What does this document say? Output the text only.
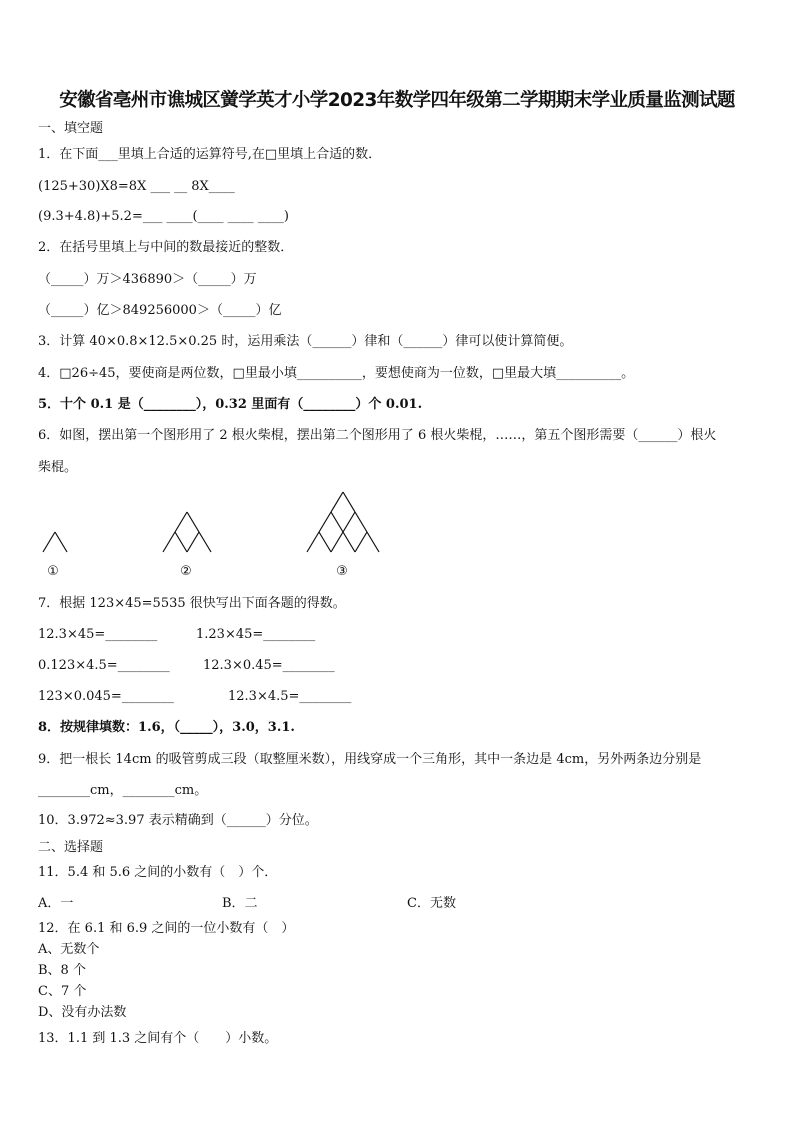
安徽省亳州市谯城区黉学英才小学2023年数学四年级第二学期期末学业质量监测试题
一、填空题
1．在下面___里填上合适的运算符号,在□里填上合适的数．
(125+30)X8=8X ___ __ 8X____
(9.3+4.8)+5.2=___ ____(____ ____ ____)
2．在括号里填上与中间的数最接近的整数．
（_____）万＞436890＞（_____）万
（_____）亿＞849256000＞（_____）亿
3．计算 40×0.8×12.5×0.25 时，运用乘法（______）律和（______）律可以使计算简便。
4．□26÷45，要使商是两位数，□里最小填__________，要想使商为一位数，□里最大填__________。
5．十个 0.1 是（________），0.32 里面有（________）个 0.01.
6．如图，摆出第一个图形用了 2 根火柴棍，摆出第二个图形用了 6 根火柴棍，……，第五个图形需要（______）根火
柴棍。
①	②	③
7．根据 123×45=5535 很快写出下面各题的得数。
12.3×45=________	1.23×45=________
0.123×4.5=________	12.3×0.45=________
123×0.045=________	12.3×4.5=________
8．按规律填数：1.6，（_____），3.0，3.1.
9．把一根长 14cm 的吸管剪成三段（取整厘米数），用线穿成一个三角形，其中一条边是 4cm，另外两条边分别是
________cm，________cm。
10．3.972≈3.97 表示精确到（______）分位。
二、选择题
11．5.4 和 5.6 之间的小数有（　）个．
A．一	B．二	C．无数
12．在 6.1 和 6.9 之间的一位小数有（　）
A、无数个
B、8 个
C、7 个
D、没有办法数
13．1.1 到 1.3 之间有个（　　）小数。
